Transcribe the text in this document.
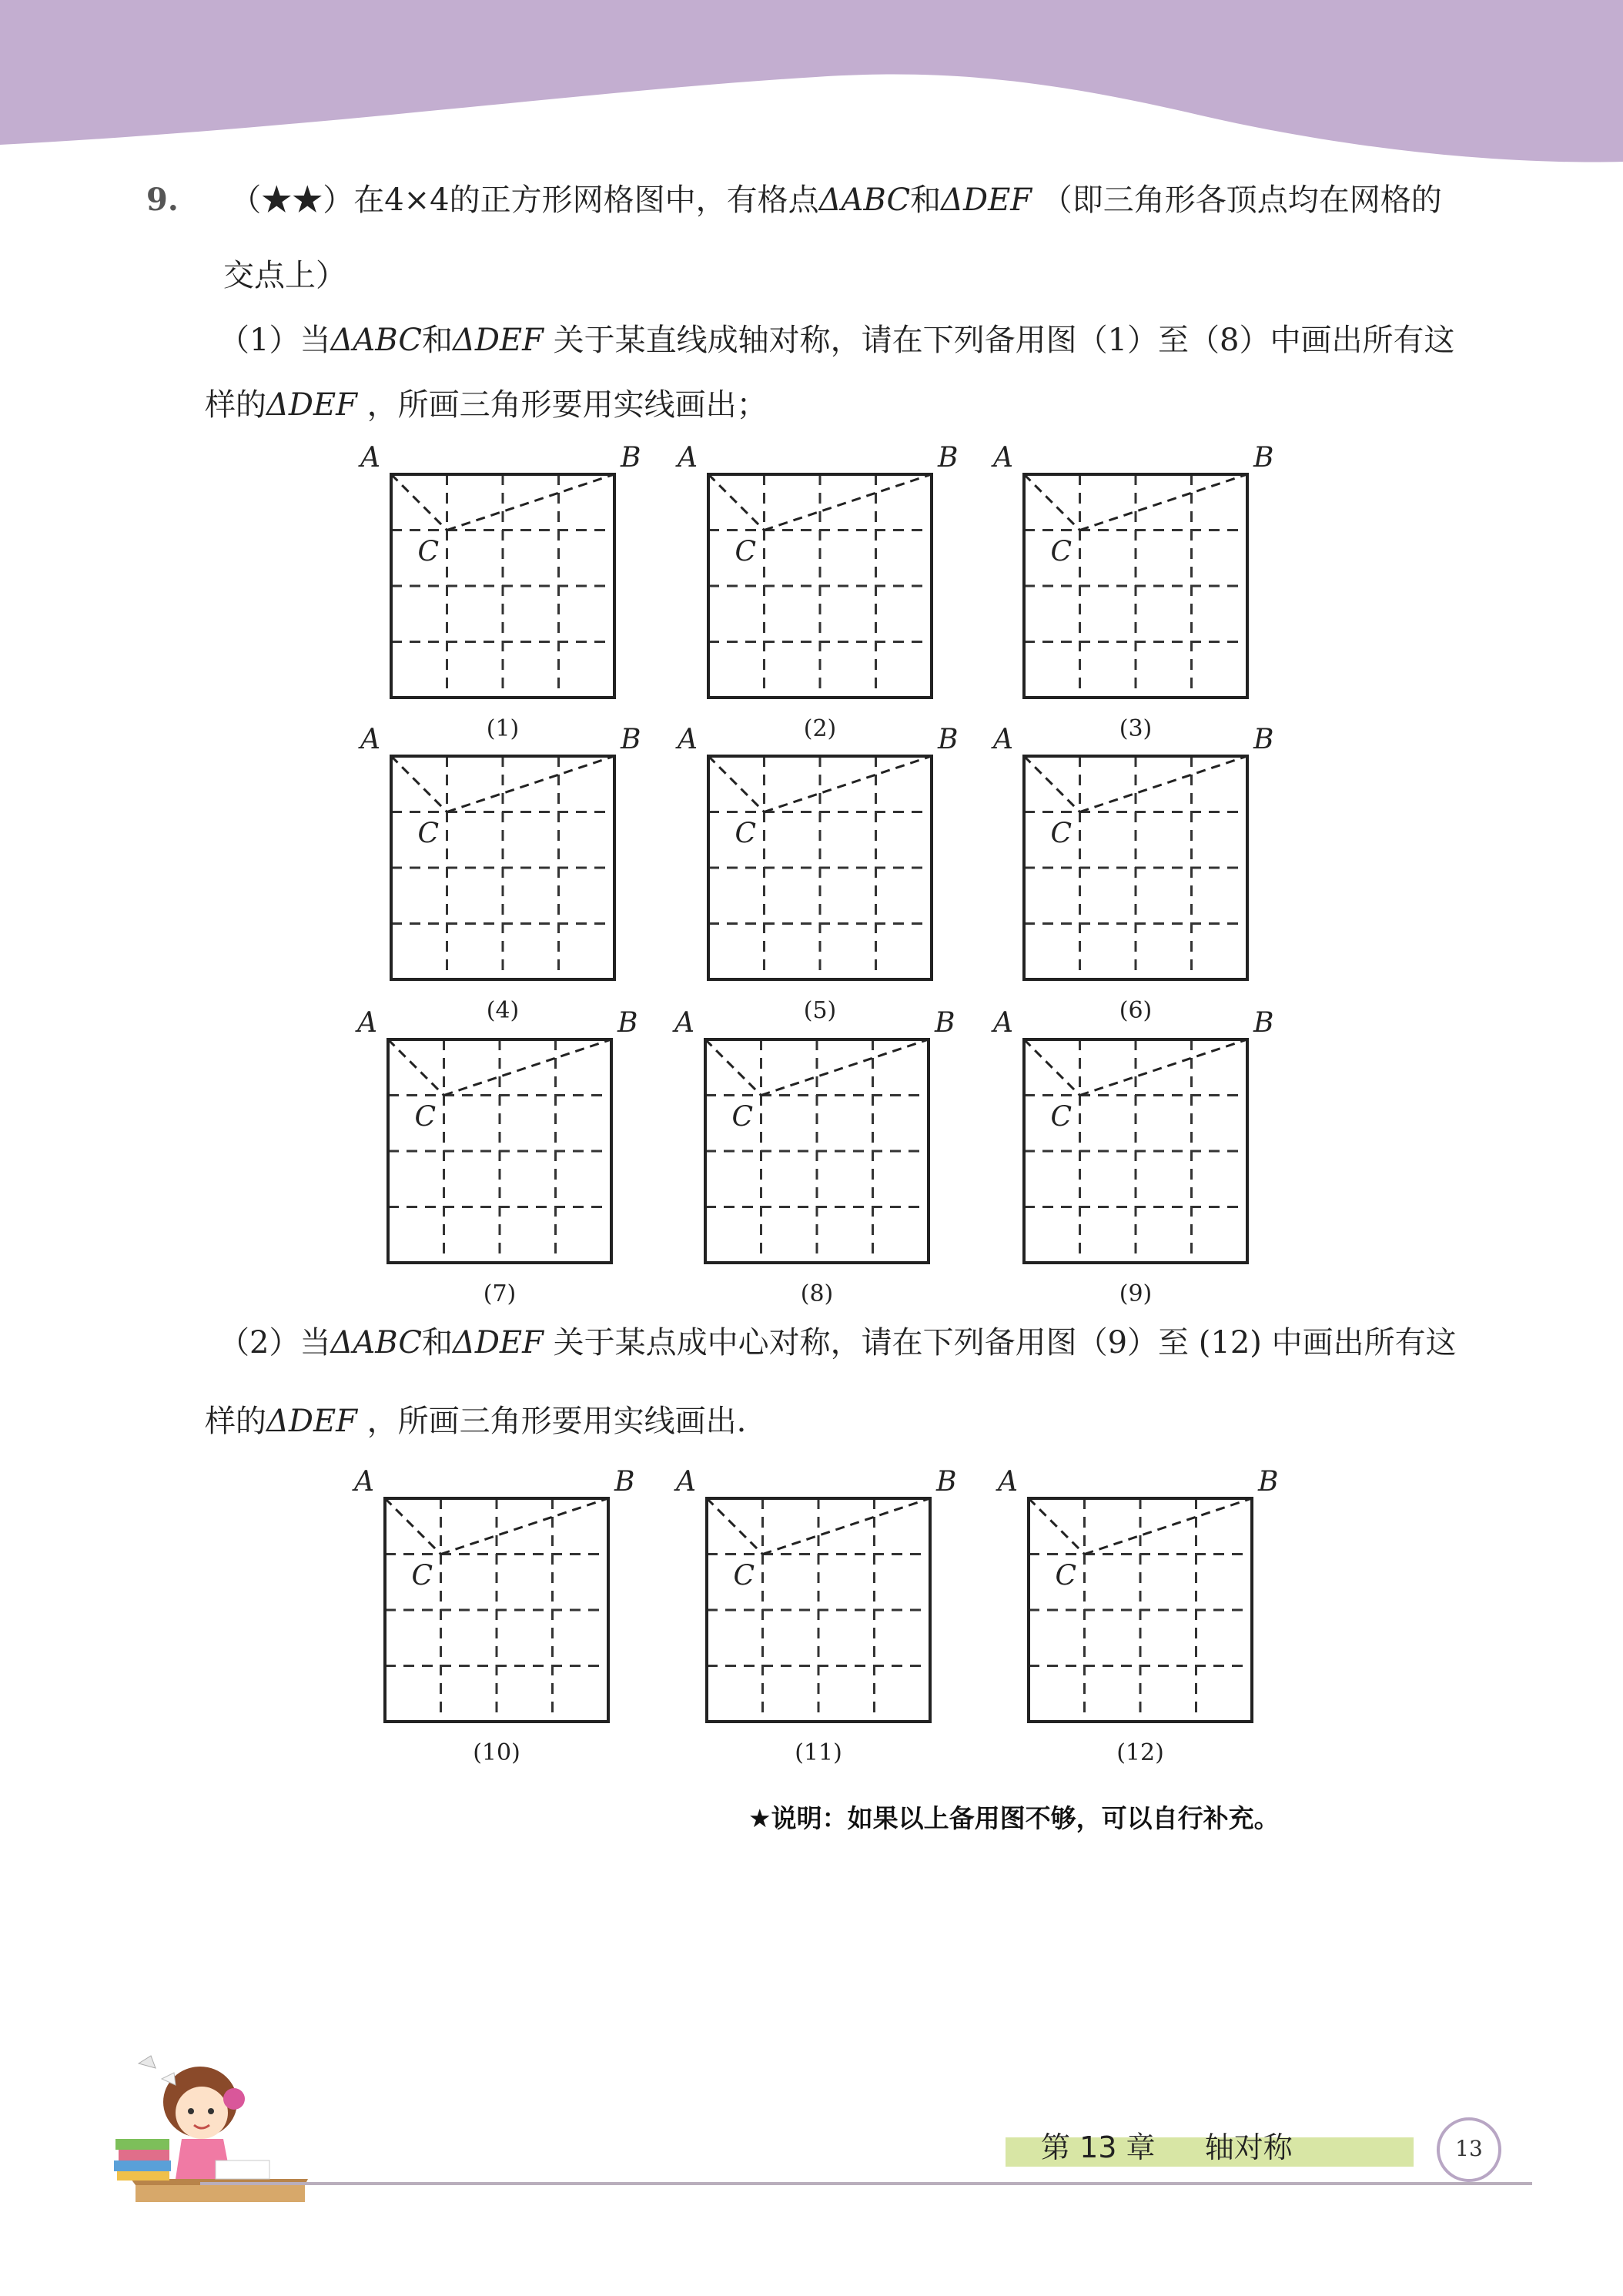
9. （★★）在4×4的正方形网格图中，有格点ΔABC和ΔDEF （即三角形各顶点均在网格的
交点上）
（1）当ΔABC和ΔDEF 关于某直线成轴对称，请在下列备用图（1）至（8）中画出所有这
样的ΔDEF ，所画三角形要用实线画出；
（2）当ΔABC和ΔDEF 关于某点成中心对称，请在下列备用图（9）至 (12) 中画出所有这
样的ΔDEF ，所画三角形要用实线画出.
A	B
C
(1)
A	B
C
(2)
A	B
C
(3)
A	B
C
(4)
A	B
C
(5)
A	B
C
(6)
A	B
C
(7)
A	B
C
(8)
A	B
C
(9)
A	B
C
(10)
A	B
C
(11)
A	B
C
(12)
★说明：如果以上备用图不够，可以自行补充。
第 13 章 轴对称	13
